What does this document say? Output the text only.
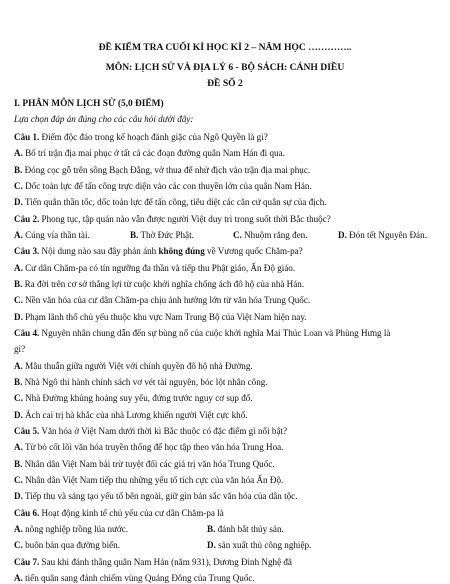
ĐỀ KIỂM TRA CUỐI KÌ HỌC KÌ 2 – NĂM HỌC …………..
MÔN: LỊCH SỬ VÀ ĐỊA LÝ 6 - BỘ SÁCH: CÁNH DIỀU
ĐỀ SỐ 2
I. PHÂN MÔN LỊCH SỬ (5,0 ĐIỂM)
Lựa chọn đáp án đúng cho các câu hỏi dưới đây:
Câu 1. Điểm độc đáo trong kế hoạch đánh giặc của Ngô Quyền là gì?
A. Bố trí trận địa mai phục ở tất cả các đoạn đường quân Nam Hán đi qua.
B. Đóng cọc gỗ trên sông Bạch Đằng, vờ thua để nhử địch vào trận địa mai phục.
C. Dốc toàn lực để tấn công trực diện vào các con thuyền lớn của quân Nam Hán.
D. Tiến quân thần tốc, dốc toàn lực để tấn công, tiêu diệt các căn cứ quân sự của địch.
Câu 2. Phong tục, tập quán nào vẫn được người Việt duy trì trong suốt thời Bắc thuộc?
A. Cúng vía thần tài.	B. Thờ Đức Phật.	C. Nhuộm răng đen.	D. Đón tết Nguyên Đán.
Câu 3. Nội dung nào sau đây phản ánh không đúng về Vương quốc Chăm-pa?
A. Cư dân Chăm-pa có tín ngưỡng đa thần và tiếp thu Phật giáo, Ấn Độ giáo.
B. Ra đời trên cơ sở thắng lợi từ cuộc khởi nghĩa chống ách đô hộ của nhà Hán.
C. Nền văn hóa của cư dân Chăm-pa chịu ảnh hưởng lớn từ văn hóa Trung Quốc.
D. Phạm lãnh thổ chủ yếu thuộc khu vực Nam Trung Bộ của Việt Nam hiện nay.
Câu 4. Nguyên nhân chung dẫn đến sự bùng nổ của cuộc khởi nghĩa Mai Thúc Loan và Phùng Hưng là
gì?
A. Mâu thuẫn giữa người Việt với chính quyền đô hộ nhà Đường.
B. Nhà Ngô thi hành chính sách vơ vét tài nguyên, bóc lột nhân công.
C. Nhà Đường khủng hoảng suy yếu, đứng trước nguy cơ sụp đổ.
D. Ách cai trị hà khắc của nhà Lương khiến người Việt cực khổ.
Câu 5. Văn hóa ở Việt Nam dưới thời kì Bắc thuộc có đặc điểm gì nổi bật?
A. Từ bỏ cốt lõi văn hóa truyền thống để học tập theo văn hóa Trung Hoa.
B. Nhân dân Việt Nam bài trừ tuyệt đối các giá trị văn hóa Trung Quốc.
C. Nhân dân Việt Nam tiếp thu những yếu tố tích cực của văn hóa Ấn Độ.
D. Tiếp thu và sáng tạo yếu tố bên ngoài, giữ gìn bản sắc văn hóa của dân tộc.
Câu 6. Hoạt động kinh tế chủ yếu của cư dân Chăm-pa là
A. nông nghiệp trồng lúa nước.	B. đánh bắt thủy sản.
C. buôn bán qua đường biển.	D. sản xuất thủ công nghiệp.
Câu 7. Sau khi đánh thắng quân Nam Hán (năm 931), Dương Đình Nghệ đã
A. tiến quân sang đánh chiếm vùng Quảng Đông của Trung Quốc.
